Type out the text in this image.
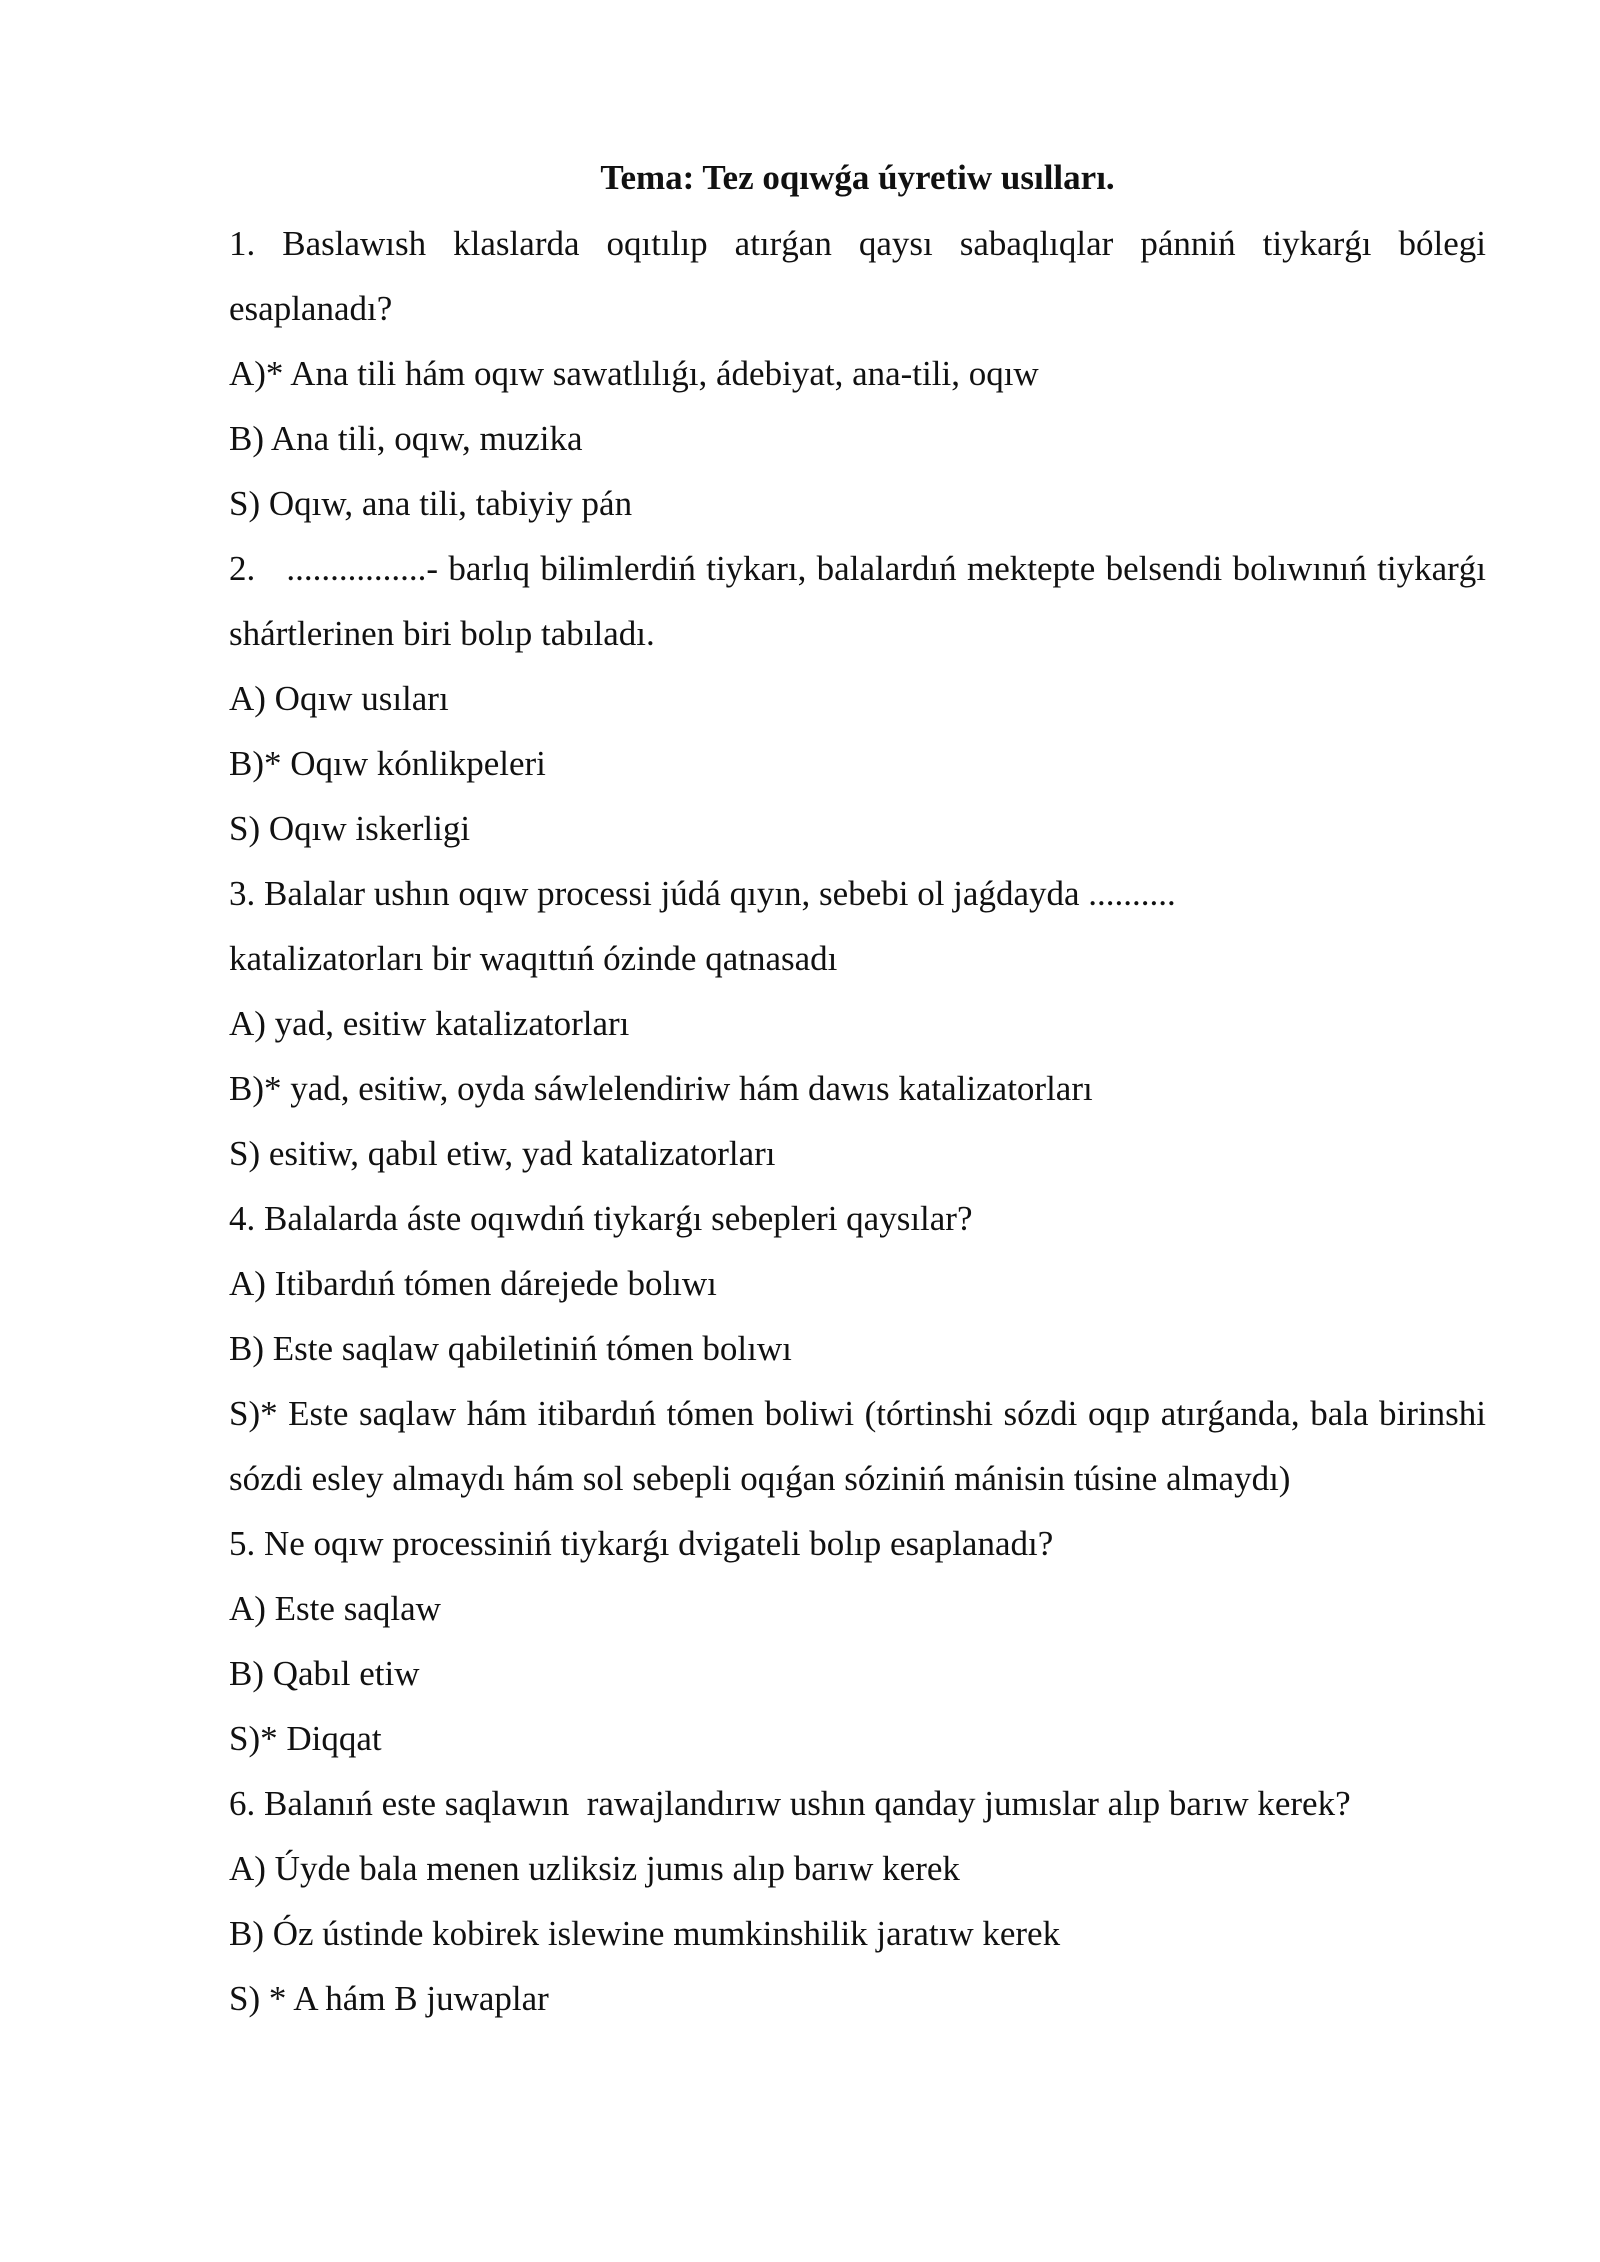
Tema: Tez oqıwǵa úyretiw usılları.

1. Baslawısh klaslarda oqıtılıp atırǵan qaysı sabaqlıqlar pánniń tiykarǵı bólegi esaplanadı?

A)* Ana tili hám oqıw sawatlılıǵı, ádebiyat, ana-tili, oqıw

B) Ana tili, oqıw, muzika

S) Oqıw, ana tili, tabiyiy pán

2.   ................- barlıq bilimlerdiń tiykarı, balalardıń mektepte belsendi bolıwınıń tiykarǵı shártlerinen biri bolıp tabıladı.

A) Oqıw usıları

B)* Oqıw kónlikpeleri

S) Oqıw iskerligi

3. Balalar ushın oqıw processi júdá qıyın, sebebi ol jaǵdayda ..........

katalizatorları bir waqıttıń ózinde qatnasadı

A) yad, esitiw katalizatorları

B)* yad, esitiw, oyda sáwlelendiriw hám dawıs katalizatorları

S) esitiw, qabıl etiw, yad katalizatorları

4. Balalarda áste oqıwdıń tiykarǵı sebepleri qaysılar?

A) Itibardıń tómen dárejede bolıwı

B) Este saqlaw qabiletiniń tómen bolıwı

S)* Este saqlaw hám itibardıń tómen boliwi (tórtinshi sózdi oqıp atırǵanda, bala birinshi sózdi esley almaydı hám sol sebepli oqıǵan sóziniń mánisin túsine almaydı)

5. Ne oqıw processiniń tiykarǵı dvigateli bolıp esaplanadı?

A) Este saqlaw

B) Qabıl etiw

S)* Diqqat

6. Balanıń este saqlawın  rawajlandırıw ushın qanday jumıslar alıp barıw kerek?

A) Úyde bala menen uzliksiz jumıs alıp barıw kerek

B) Óz ústinde kobirek islewine mumkinshilik jaratıw kerek

S) * A hám B juwaplar
